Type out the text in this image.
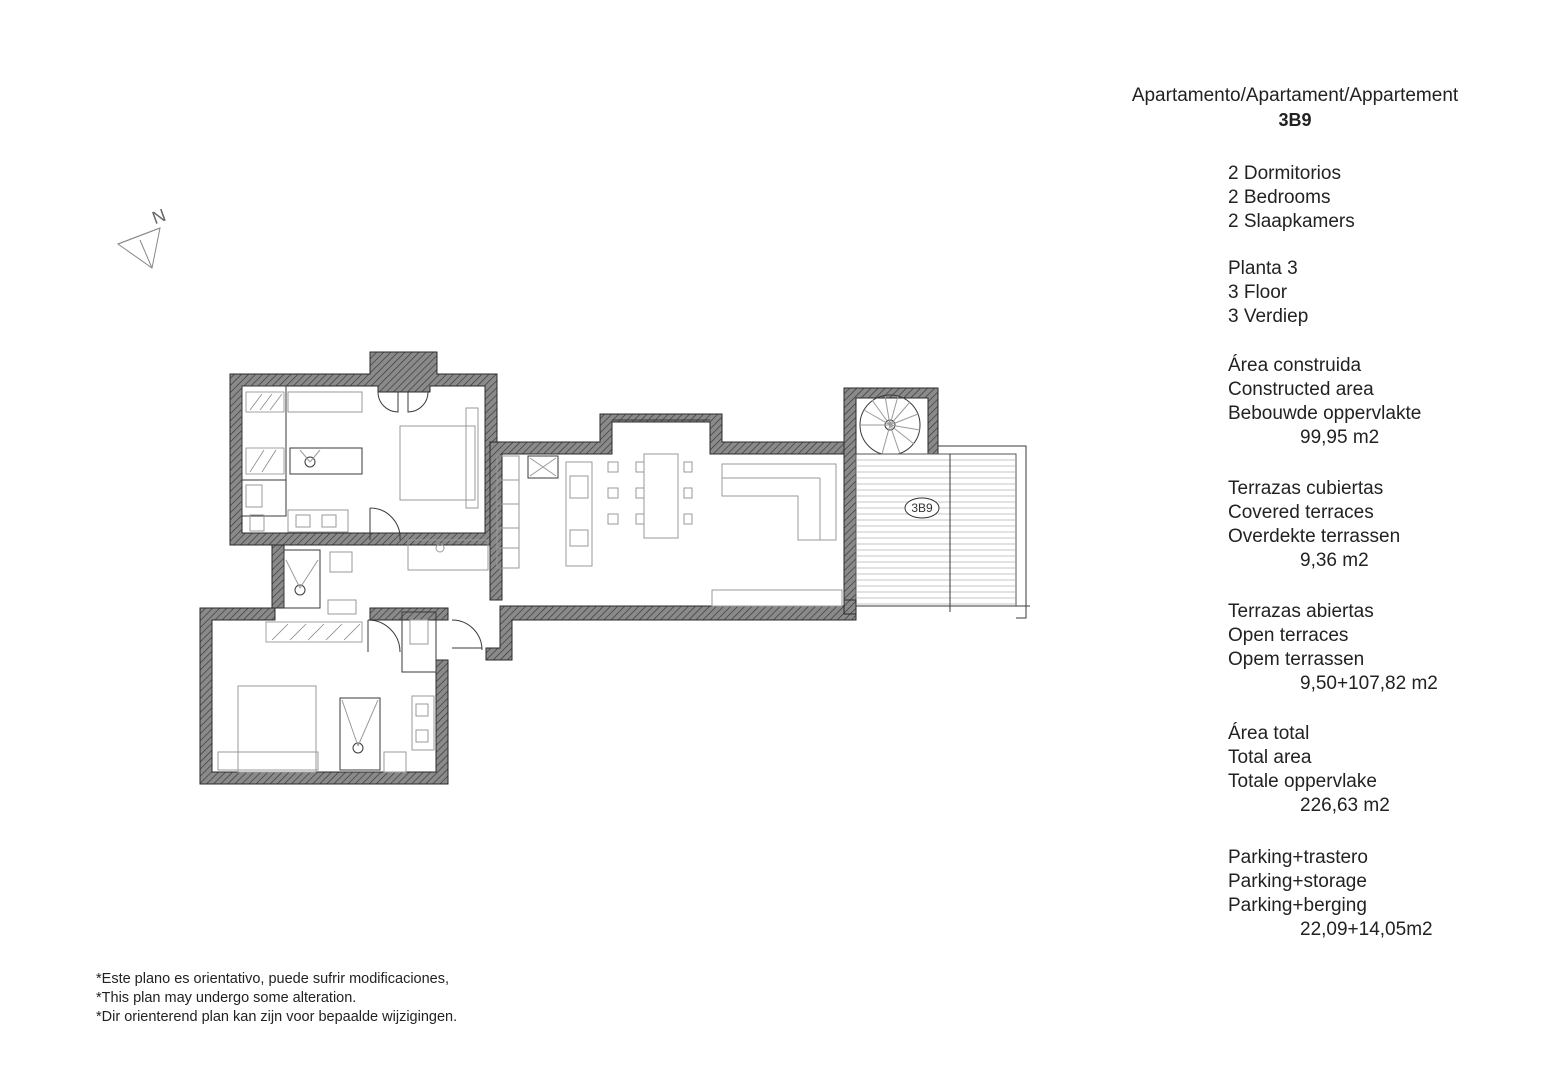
N
3B9
Apartamento/Apartament/Appartement
3B9
2 Dormitorios
2 Bedrooms
2 Slaapkamers
Planta 3
3 Floor
3 Verdiep
Área construida
Constructed area
Bebouwde oppervlakte
99,95 m2
Terrazas cubiertas
Covered terraces
Overdekte terrassen
9,36 m2
Terrazas abiertas
Open terraces
Opem terrassen
9,50+107,82 m2
Área total
Total area
Totale oppervlake
226,63 m2
Parking+trastero
Parking+storage
Parking+berging
22,09+14,05m2
*Este plano es orientativo, puede sufrir modificaciones,
*This plan may undergo some alteration.
*Dir orienterend plan kan zijn voor bepaalde wijzigingen.
